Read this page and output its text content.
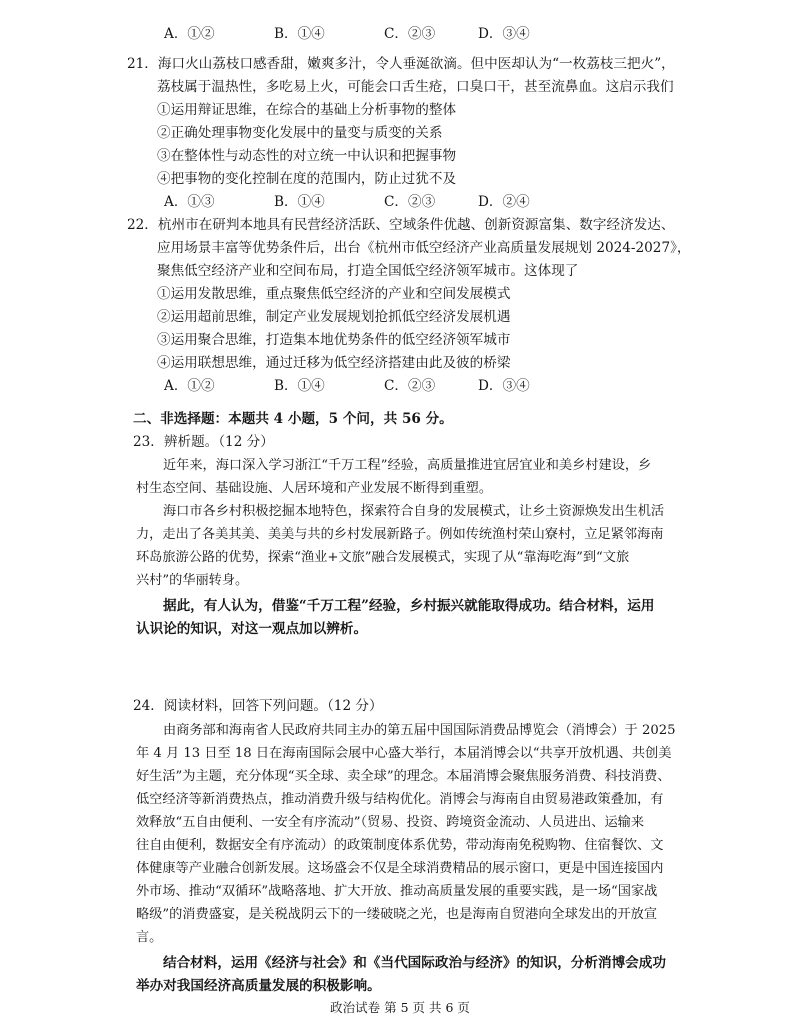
A．①②	B．①④	C．②③	D．③④
21．海口火山荔枝口感香甜，嫩爽多汁，令人垂涎欲滴。但中医却认为“一枚荔枝三把火”，
荔枝属于温热性，多吃易上火，可能会口舌生疮，口臭口干，甚至流鼻血。这启示我们
①运用辩证思维，在综合的基础上分析事物的整体
②正确处理事物变化发展中的量变与质变的关系
③在整体性与动态性的对立统一中认识和把握事物
④把事物的变化控制在度的范围内，防止过犹不及
A．①③	B．①④	C．②③	D．②④
22．杭州市在研判本地具有民营经济活跃、空域条件优越、创新资源富集、数字经济发达、
应用场景丰富等优势条件后，出台《杭州市低空经济产业高质量发展规划 2024-2027》，
聚焦低空经济产业和空间布局，打造全国低空经济领军城市。这体现了
①运用发散思维，重点聚焦低空经济的产业和空间发展模式
②运用超前思维，制定产业发展规划抢抓低空经济发展机遇
③运用聚合思维，打造集本地优势条件的低空经济领军城市
④运用联想思维，通过迁移为低空经济搭建由此及彼的桥梁
A．①②	B．①④	C．②③	D．③④
二、非选择题：本题共 4 小题，5 个问，共 56 分。
23．辨析题。（12 分）
近年来，海口深入学习浙江“千万工程”经验，高质量推进宜居宜业和美乡村建设，乡
村生态空间、基础设施、人居环境和产业发展不断得到重塑。
海口市各乡村积极挖掘本地特色，探索符合自身的发展模式，让乡土资源焕发出生机活
力，走出了各美其美、美美与共的乡村发展新路子。例如传统渔村荣山寮村，立足紧邻海南
环岛旅游公路的优势，探索“渔业+文旅”融合发展模式，实现了从“靠海吃海”到“文旅
兴村”的华丽转身。
据此，有人认为，借鉴“千万工程”经验，乡村振兴就能取得成功。结合材料，运用
认识论的知识，对这一观点加以辨析。
24．阅读材料，回答下列问题。（12 分）
由商务部和海南省人民政府共同主办的第五届中国国际消费品博览会（消博会）于 2025
年 4 月 13 日至 18 日在海南国际会展中心盛大举行，本届消博会以“共享开放机遇、共创美
好生活”为主题，充分体现“买全球、卖全球”的理念。本届消博会聚焦服务消费、科技消费、
低空经济等新消费热点，推动消费升级与结构优化。消博会与海南自由贸易港政策叠加，有
效释放“五自由便利、一安全有序流动”（贸易、投资、跨境资金流动、人员进出、运输来
往自由便利，数据安全有序流动）的政策制度体系优势，带动海南免税购物、住宿餐饮、文
体健康等产业融合创新发展。这场盛会不仅是全球消费精品的展示窗口，更是中国连接国内
外市场、推动“双循环”战略落地、扩大开放、推动高质量发展的重要实践，是一场“国家战
略级”的消费盛宴，是关税战阴云下的一缕破晓之光，也是海南自贸港向全球发出的开放宣
言。
结合材料，运用《经济与社会》和《当代国际政治与经济》的知识，分析消博会成功
举办对我国经济高质量发展的积极影响。
政治试卷 第 5 页 共 6 页
